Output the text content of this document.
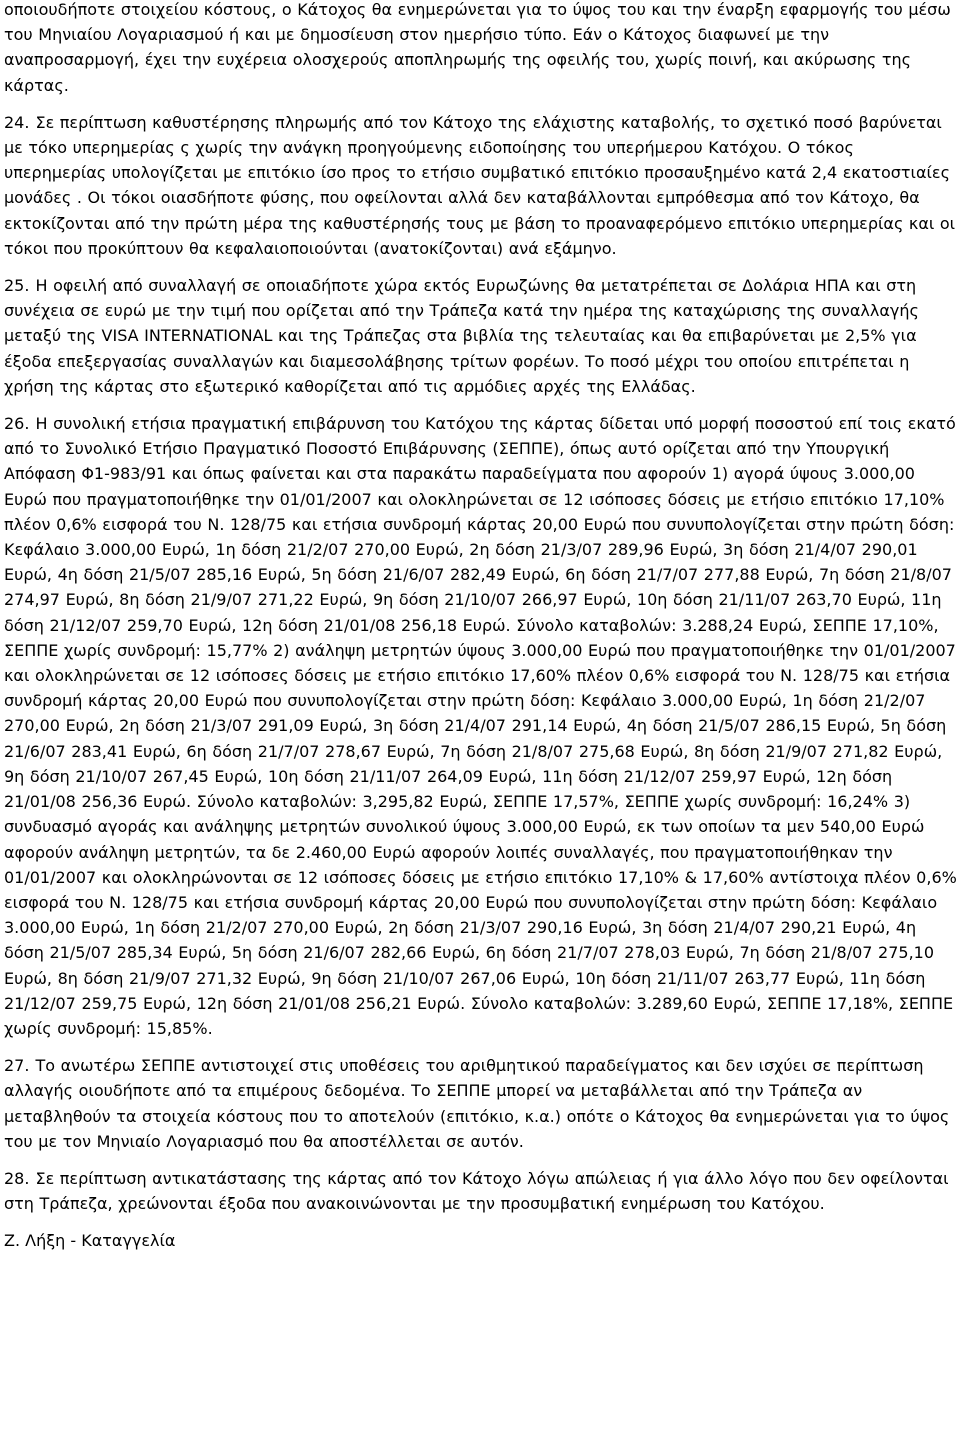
οποιουδήποτε στοιχείου κόστους, ο Κάτοχος θα ενημερώνεται για το ύψος του και την έναρξη εφαρμογής του μέσω του Μηνιαίου Λογαριασμού ή και με δημοσίευση στον ημερήσιο τύπο. Εάν ο Κάτοχος διαφωνεί με την αναπροσαρμογή, έχει την ευχέρεια ολοσχερούς αποπληρωμής της οφειλής του, χωρίς ποινή, και ακύρωσης της κάρτας.

24. Σε περίπτωση καθυστέρησης πληρωμής από τον Κάτοχο της ελάχιστης καταβολής, το σχετικό ποσό βαρύνεται με τόκο υπερημερίας ς χωρίς την ανάγκη προηγούμενης ειδοποίησης του υπερήμερου Κατόχου. Ο τόκος υπερημερίας υπολογίζεται με επιτόκιο ίσο προς το ετήσιο συμβατικό επιτόκιο προσαυξημένο κατά 2,4 εκατοστιαίες μονάδες . Οι τόκοι οιασδήποτε φύσης, που οφείλονται αλλά δεν καταβάλλονται εμπρόθεσμα από τον Κάτοχο, θα εκτοκίζονται από την πρώτη μέρα της καθυστέρησής τους με βάση το προαναφερόμενο επιτόκιο υπερημερίας και οι τόκοι που προκύπτουν θα κεφαλαιοποιούνται (ανατοκίζονται) ανά εξάμηνο.

25. Η οφειλή από συναλλαγή σε οποιαδήποτε χώρα εκτός Ευρωζώνης θα μετατρέπεται σε Δολάρια ΗΠΑ και στη συνέχεια σε ευρώ με την τιμή που ορίζεται από την Τράπεζα κατά την ημέρα της καταχώρισης της συναλλαγής μεταξύ της VISA INTERNATIONAL και της Τράπεζας στα βιβλία της τελευταίας και θα επιβαρύνεται με 2,5% για έξοδα επεξεργασίας συναλλαγών και διαμεσολάβησης τρίτων φορέων. Το ποσό μέχρι του οποίου επιτρέπεται η χρήση της κάρτας στο εξωτερικό καθορίζεται από τις αρμόδιες αρχές της Ελλάδας.

26. Η συνολική ετήσια πραγματική επιβάρυνση του Κατόχου της κάρτας δίδεται υπό μορφή ποσοστού επί τοις εκατό από το Συνολικό Ετήσιο Πραγματικό Ποσοστό Επιβάρυνσης (ΣΕΠΠΕ), όπως αυτό ορίζεται από την Υπουργική Απόφαση Φ1-983/91 και όπως φαίνεται και στα παρακάτω παραδείγματα που αφορούν 1) αγορά ύψους 3.000,00 Ευρώ που πραγματοποιήθηκε την 01/01/2007 και ολοκληρώνεται σε 12 ισόποσες δόσεις με ετήσιο επιτόκιο 17,10% πλέον 0,6% εισφορά του Ν. 128/75 και ετήσια συνδρομή κάρτας 20,00 Ευρώ που συνυπολογίζεται στην πρώτη δόση: Κεφάλαιο 3.000,00 Ευρώ, 1η δόση 21/2/07 270,00 Ευρώ, 2η δόση 21/3/07 289,96 Ευρώ, 3η δόση 21/4/07 290,01 Ευρώ, 4η δόση 21/5/07 285,16 Ευρώ, 5η δόση 21/6/07 282,49 Ευρώ, 6η δόση 21/7/07 277,88 Ευρώ, 7η δόση 21/8/07 274,97 Ευρώ, 8η δόση 21/9/07 271,22 Ευρώ, 9η δόση 21/10/07 266,97 Ευρώ, 10η δόση 21/11/07 263,70 Ευρώ, 11η δόση 21/12/07 259,70 Ευρώ, 12η δόση 21/01/08 256,18 Ευρώ. Σύνολο καταβολών: 3.288,24 Ευρώ, ΣΕΠΠΕ 17,10%, ΣΕΠΠΕ χωρίς συνδρομή: 15,77% 2) ανάληψη μετρητών ύψους 3.000,00 Ευρώ που πραγματοποιήθηκε την 01/01/2007 και ολοκληρώνεται σε 12 ισόποσες δόσεις με ετήσιο επιτόκιο 17,60% πλέον 0,6% εισφορά του Ν. 128/75 και ετήσια συνδρομή κάρτας 20,00 Ευρώ που συνυπολογίζεται στην πρώτη δόση: Κεφάλαιο 3.000,00 Ευρώ, 1η δόση 21/2/07 270,00 Ευρώ, 2η δόση 21/3/07 291,09 Ευρώ, 3η δόση 21/4/07 291,14 Ευρώ, 4η δόση 21/5/07 286,15 Ευρώ, 5η δόση 21/6/07 283,41 Ευρώ, 6η δόση 21/7/07 278,67 Ευρώ, 7η δόση 21/8/07 275,68 Ευρώ, 8η δόση 21/9/07 271,82 Ευρώ, 9η δόση 21/10/07 267,45 Ευρώ, 10η δόση 21/11/07 264,09 Ευρώ, 11η δόση 21/12/07 259,97 Ευρώ, 12η δόση 21/01/08 256,36 Ευρώ. Σύνολο καταβολών: 3,295,82 Ευρώ, ΣΕΠΠΕ 17,57%, ΣΕΠΠΕ χωρίς συνδρομή: 16,24% 3) συνδυασμό αγοράς και ανάληψης μετρητών συνολικού ύψους 3.000,00 Ευρώ, εκ των οποίων τα μεν 540,00 Ευρώ αφορούν ανάληψη μετρητών, τα δε 2.460,00 Ευρώ αφορούν λοιπές συναλλαγές, που πραγματοποιήθηκαν την 01/01/2007 και ολοκληρώνονται σε 12 ισόποσες δόσεις με ετήσιο επιτόκιο 17,10% & 17,60% αντίστοιχα πλέον 0,6% εισφορά του Ν. 128/75 και ετήσια συνδρομή κάρτας 20,00 Ευρώ που συνυπολογίζεται στην πρώτη δόση: Κεφάλαιο 3.000,00 Ευρώ, 1η δόση 21/2/07 270,00 Ευρώ, 2η δόση 21/3/07 290,16 Ευρώ, 3η δόση 21/4/07 290,21 Ευρώ, 4η δόση 21/5/07 285,34 Ευρώ, 5η δόση 21/6/07 282,66 Ευρώ, 6η δόση 21/7/07 278,03 Ευρώ, 7η δόση 21/8/07 275,10 Ευρώ, 8η δόση 21/9/07 271,32 Ευρώ, 9η δόση 21/10/07 267,06 Ευρώ, 10η δόση 21/11/07 263,77 Ευρώ, 11η δόση 21/12/07 259,75 Ευρώ, 12η δόση 21/01/08 256,21 Ευρώ. Σύνολο καταβολών: 3.289,60 Ευρώ, ΣΕΠΠΕ 17,18%, ΣΕΠΠΕ χωρίς συνδρομή: 15,85%.

27. Το ανωτέρω ΣΕΠΠΕ αντιστοιχεί στις υποθέσεις του αριθμητικού παραδείγματος και δεν ισχύει σε περίπτωση αλλαγής οιουδήποτε από τα επιμέρους δεδομένα. Το ΣΕΠΠΕ μπορεί να μεταβάλλεται από την Τράπεζα αν μεταβληθούν τα στοιχεία κόστους που το αποτελούν (επιτόκιο, κ.α.) οπότε ο Κάτοχος θα ενημερώνεται για το ύψος του με τον Μηνιαίο Λογαριασμό που θα αποστέλλεται σε αυτόν.

28. Σε περίπτωση αντικατάστασης της κάρτας από τον Κάτοχο λόγω απώλειας ή για άλλο λόγο που δεν οφείλονται στη Τράπεζα, χρεώνονται έξοδα που ανακοινώνονται με την προσυμβατική ενημέρωση του Κατόχου.

Ζ. Λήξη - Καταγγελία
